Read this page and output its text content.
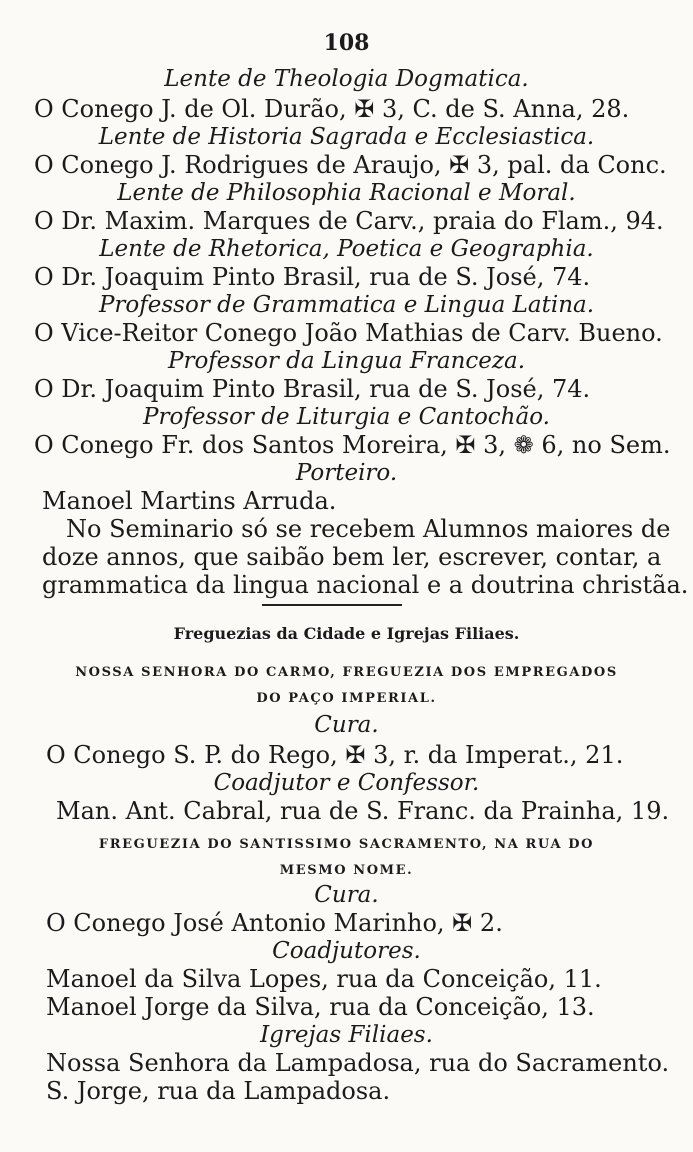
108
Lente de Theologia Dogmatica.
O Conego J. de Ol. Durão, ✠ 3, C. de S. Anna, 28.
Lente de Historia Sagrada e Ecclesiastica.
O Conego J. Rodrigues de Araujo, ✠ 3, pal. da Conc.
Lente de Philosophia Racional e Moral.
O Dr. Maxim. Marques de Carv., praia do Flam., 94.
Lente de Rhetorica, Poetica e Geographia.
O Dr. Joaquim Pinto Brasil, rua de S. José, 74.
Professor de Grammatica e Lingua Latina.
O Vice-Reitor Conego João Mathias de Carv. Bueno.
Professor da Lingua Franceza.
O Dr. Joaquim Pinto Brasil, rua de S. José, 74.
Professor de Liturgia e Cantochão.
O Conego Fr. dos Santos Moreira, ✠ 3, ❁ 6, no Sem.
Porteiro.
Manoel Martins Arruda.
No Seminario só se recebem Alumnos maiores de
doze annos, que saibão bem ler, escrever, contar, a
grammatica da lingua nacional e a doutrina christãa.
Freguezias da Cidade e Igrejas Filiaes.
NOSSA SENHORA DO CARMO, FREGUEZIA DOS EMPREGADOS
DO PAÇO IMPERIAL.
Cura.
O Conego S. P. do Rego, ✠ 3, r. da Imperat., 21.
Coadjutor e Confessor.
Man. Ant. Cabral, rua de S. Franc. da Prainha, 19.
FREGUEZIA DO SANTISSIMO SACRAMENTO, NA RUA DO
MESMO NOME.
Cura.
O Conego José Antonio Marinho, ✠ 2.
Coadjutores.
Manoel da Silva Lopes, rua da Conceição, 11.
Manoel Jorge da Silva, rua da Conceição, 13.
Igrejas Filiaes.
Nossa Senhora da Lampadosa, rua do Sacramento.
S. Jorge, rua da Lampadosa.
